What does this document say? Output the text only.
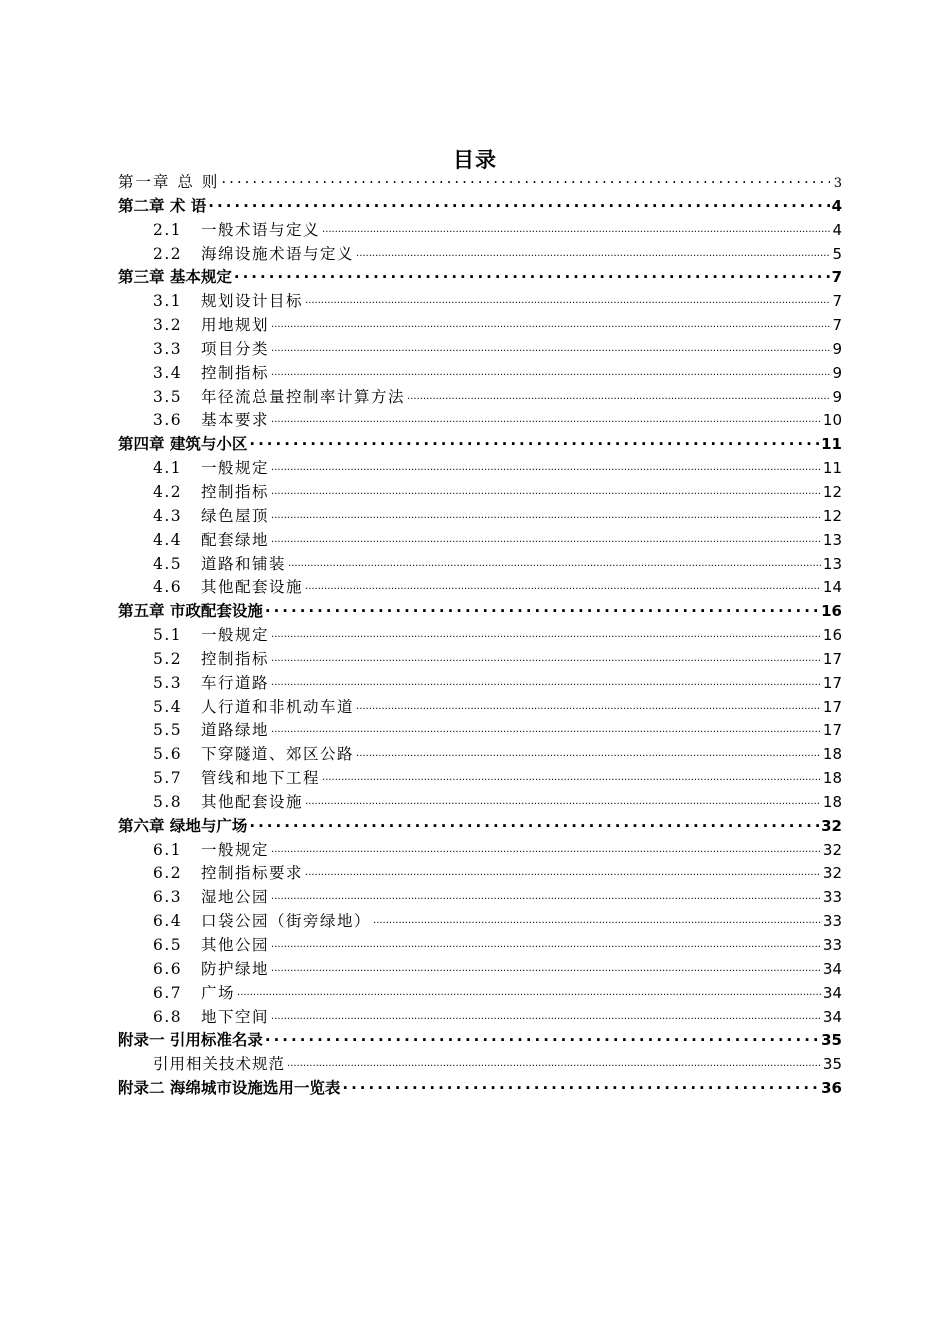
目录
第一章 总 则 .....	3
第二章 术 语 .....	4
2.1 一般术语与定义 .....	4
2.2 海绵设施术语与定义 .....	5
第三章 基本规定 .....	7
3.1 规划设计目标 .....	7
3.2 用地规划 .....	7
3.3 项目分类 .....	9
3.4 控制指标 .....	9
3.5 年径流总量控制率计算方法 .....	9
3.6 基本要求 .....	10
第四章 建筑与小区 .....	11
4.1 一般规定 .....	11
4.2 控制指标 .....	12
4.3 绿色屋顶 .....	12
4.4 配套绿地 .....	13
4.5 道路和铺装 .....	13
4.6 其他配套设施 .....	14
第五章 市政配套设施 .....	16
5.1 一般规定 .....	16
5.2 控制指标 .....	17
5.3 车行道路 .....	17
5.4 人行道和非机动车道 .....	17
5.5 道路绿地 .....	17
5.6 下穿隧道、郊区公路 .....	18
5.7 管线和地下工程 .....	18
5.8 其他配套设施 .....	18
第六章 绿地与广场 .....	32
6.1 一般规定 .....	32
6.2 控制指标要求 .....	32
6.3 湿地公园 .....	33
6.4 口袋公园（街旁绿地） .....	33
6.5 其他公园 .....	33
6.6 防护绿地 .....	34
6.7 广场 .....	34
6.8 地下空间 .....	34
附录一 引用标准名录 .....	35
引用相关技术规范 .....	35
附录二 海绵城市设施选用一览表 .....	36
